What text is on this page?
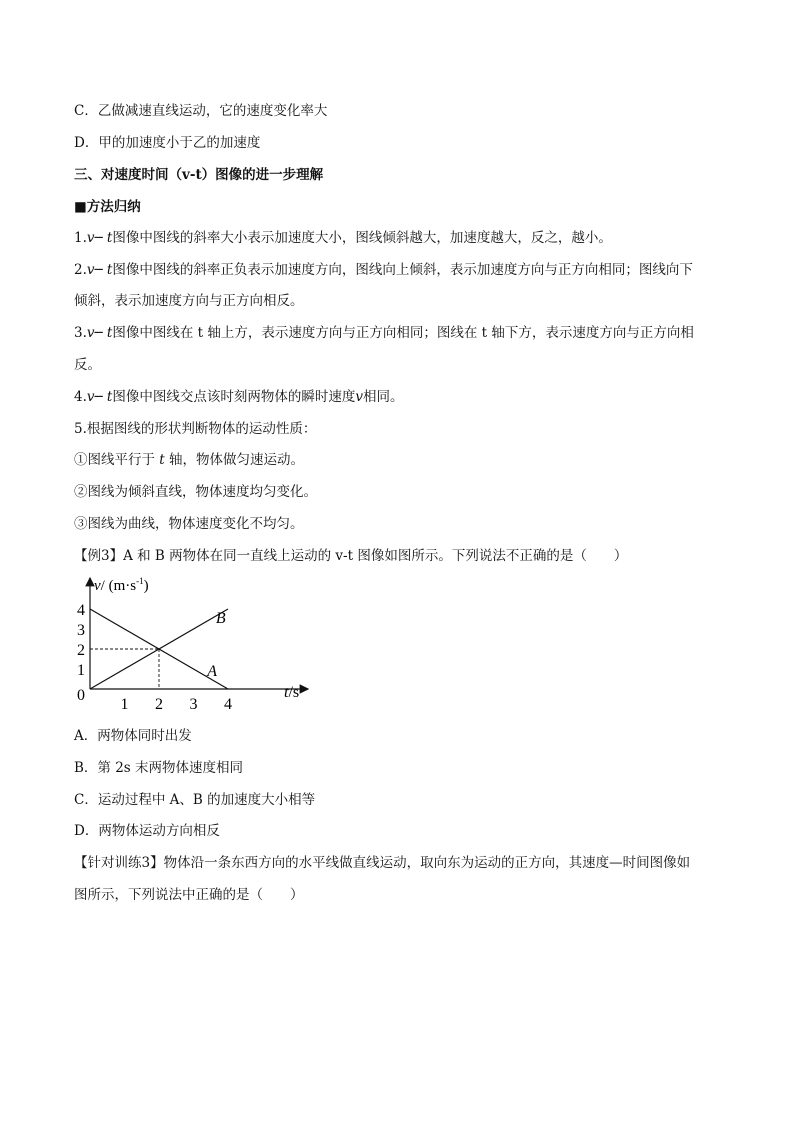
C．乙做减速直线运动，它的速度变化率大
D．甲的加速度小于乙的加速度
三、对速度时间（v-t）图像的进一步理解
■方法归纳
1.v─ t图像中图线的斜率大小表示加速度大小，图线倾斜越大，加速度越大，反之，越小。
2.v─ t图像中图线的斜率正负表示加速度方向，图线向上倾斜，表示加速度方向与正方向相同；图线向下
倾斜，表示加速度方向与正方向相反。
3.v─ t图像中图线在 t 轴上方，表示速度方向与正方向相同；图线在 t 轴下方，表示速度方向与正方向相
反。
4.v─ t图像中图线交点该时刻两物体的瞬时速度v相同。
5.根据图线的形状判断物体的运动性质：
①图线平行于 t 轴，物体做匀速运动。
②图线为倾斜直线，物体速度均匀变化。
③图线为曲线，物体速度变化不均匀。
【例3】A 和 B 两物体在同一直线上运动的 v-t 图像如图所示。下列说法不正确的是（　　）
v/ $(m\cdot s^{-1})$
t/s
0
1 2 3 4
1
2
3
4	B
A
A．两物体同时出发
B．第 2s 末两物体速度相同
C．运动过程中 A、B 的加速度大小相等
D．两物体运动方向相反
【针对训练3】物体沿一条东西方向的水平线做直线运动，取向东为运动的正方向，其速度—时间图像如
图所示，下列说法中正确的是（　　）
